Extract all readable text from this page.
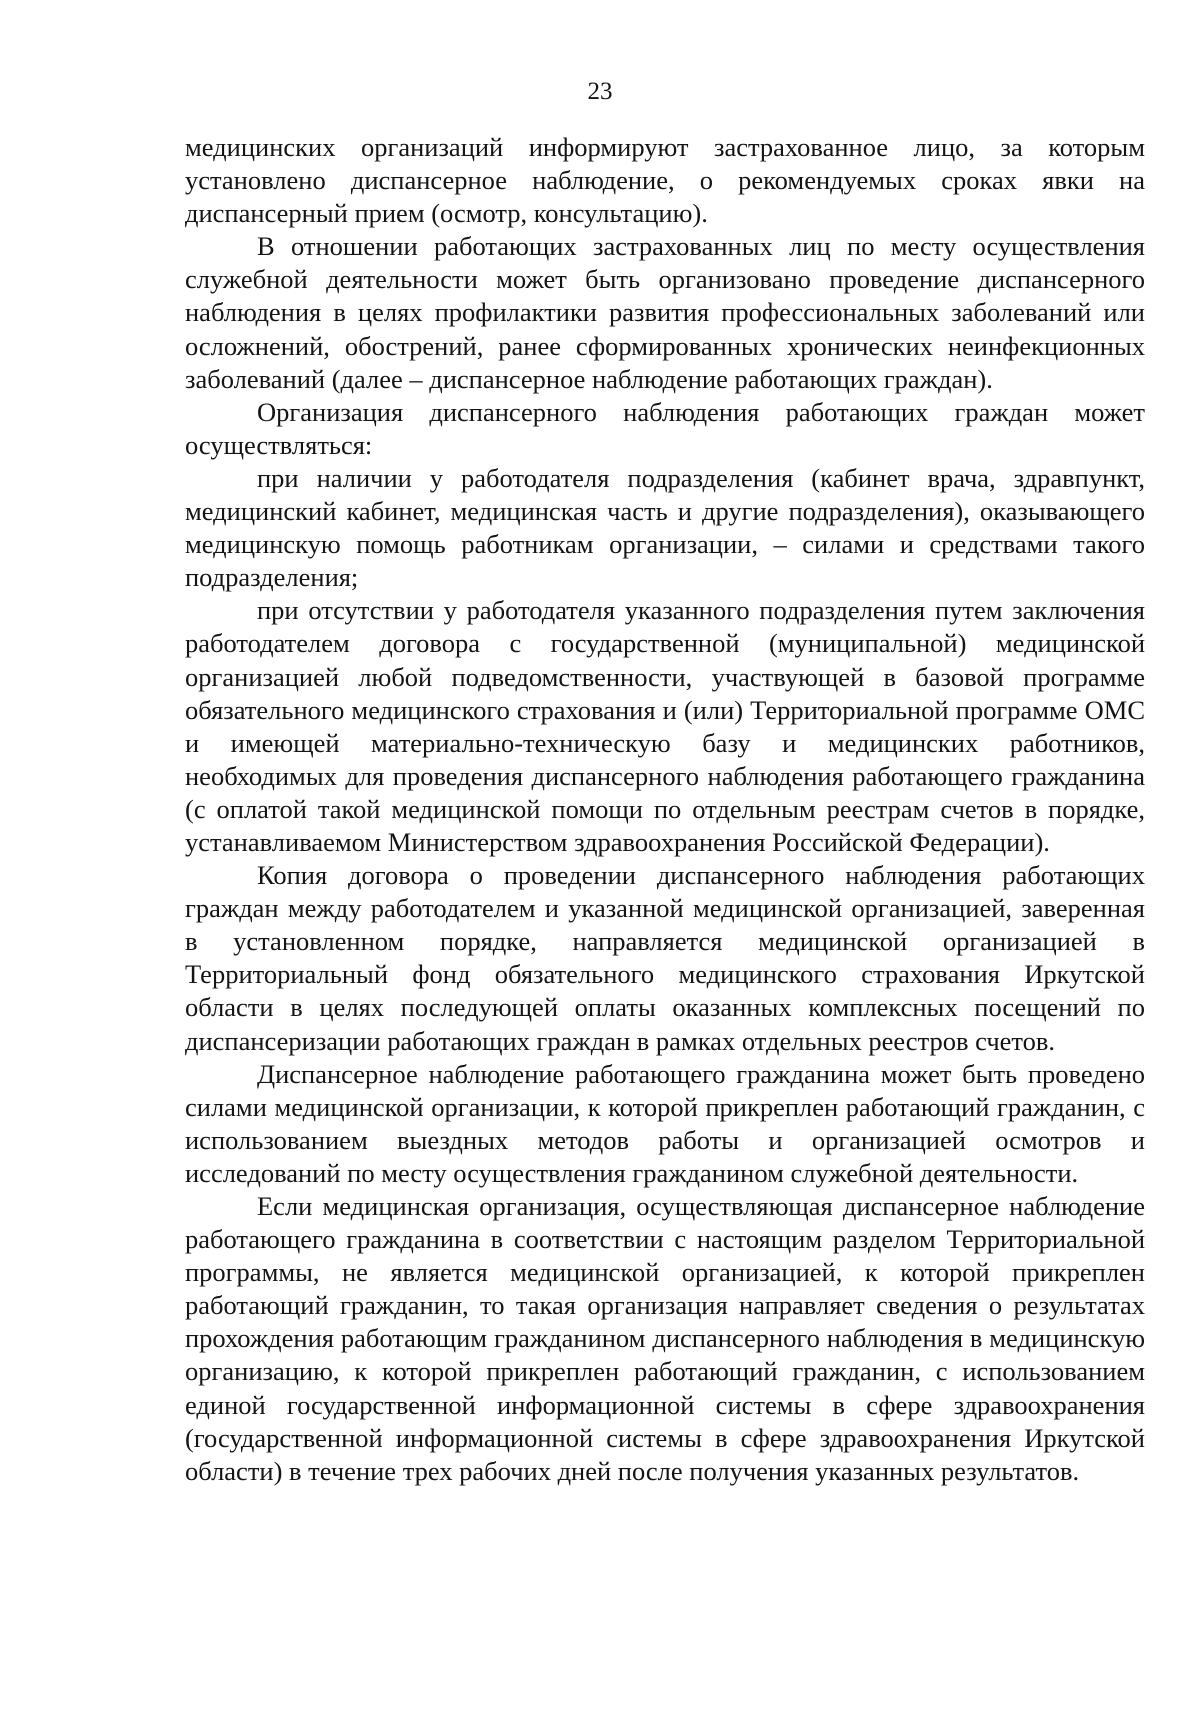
23

медицинских организаций информируют застрахованное лицо, за которым установлено диспансерное наблюдение, о рекомендуемых сроках явки на диспансерный прием (осмотр, консультацию).

В отношении работающих застрахованных лиц по месту осуществления служебной деятельности может быть организовано проведение диспансерного наблюдения в целях профилактики развития профессиональных заболеваний или осложнений, обострений, ранее сформированных хронических неинфекционных заболеваний (далее – диспансерное наблюдение работающих граждан).

Организация диспансерного наблюдения работающих граждан может осуществляться:

при наличии у работодателя подразделения (кабинет врача, здравпункт, медицинский кабинет, медицинская часть и другие подразделения), оказывающего медицинскую помощь работникам организации, – силами и средствами такого подразделения;

при отсутствии у работодателя указанного подразделения путем заключения работодателем договора с государственной (муниципальной) медицинской организацией любой подведомственности, участвующей в базовой программе обязательного медицинского страхования и (или) Территориальной программе ОМС и имеющей материально-техническую базу и медицинских работников, необходимых для проведения диспансерного наблюдения работающего гражданина (с оплатой такой медицинской помощи по отдельным реестрам счетов в порядке, устанавливаемом Министерством здравоохранения Российской Федерации).

Копия договора о проведении диспансерного наблюдения работающих граждан между работодателем и указанной медицинской организацией, заверенная в установленном порядке, направляется медицинской организацией в Территориальный фонд обязательного медицинского страхования Иркутской области в целях последующей оплаты оказанных комплексных посещений по диспансеризации работающих граждан в рамках отдельных реестров счетов.

Диспансерное наблюдение работающего гражданина может быть проведено силами медицинской организации, к которой прикреплен работающий гражданин, с использованием выездных методов работы и организацией осмотров и исследований по месту осуществления гражданином служебной деятельности.

Если медицинская организация, осуществляющая диспансерное наблюдение работающего гражданина в соответствии с настоящим разделом Территориальной программы, не является медицинской организацией, к которой прикреплен работающий гражданин, то такая организация направляет сведения о результатах прохождения работающим гражданином диспансерного наблюдения в медицинскую организацию, к которой прикреплен работающий гражданин, с использованием единой государственной информационной системы в сфере здравоохранения (государственной информационной системы в сфере здравоохранения Иркутской области) в течение трех рабочих дней после получения указанных результатов.
